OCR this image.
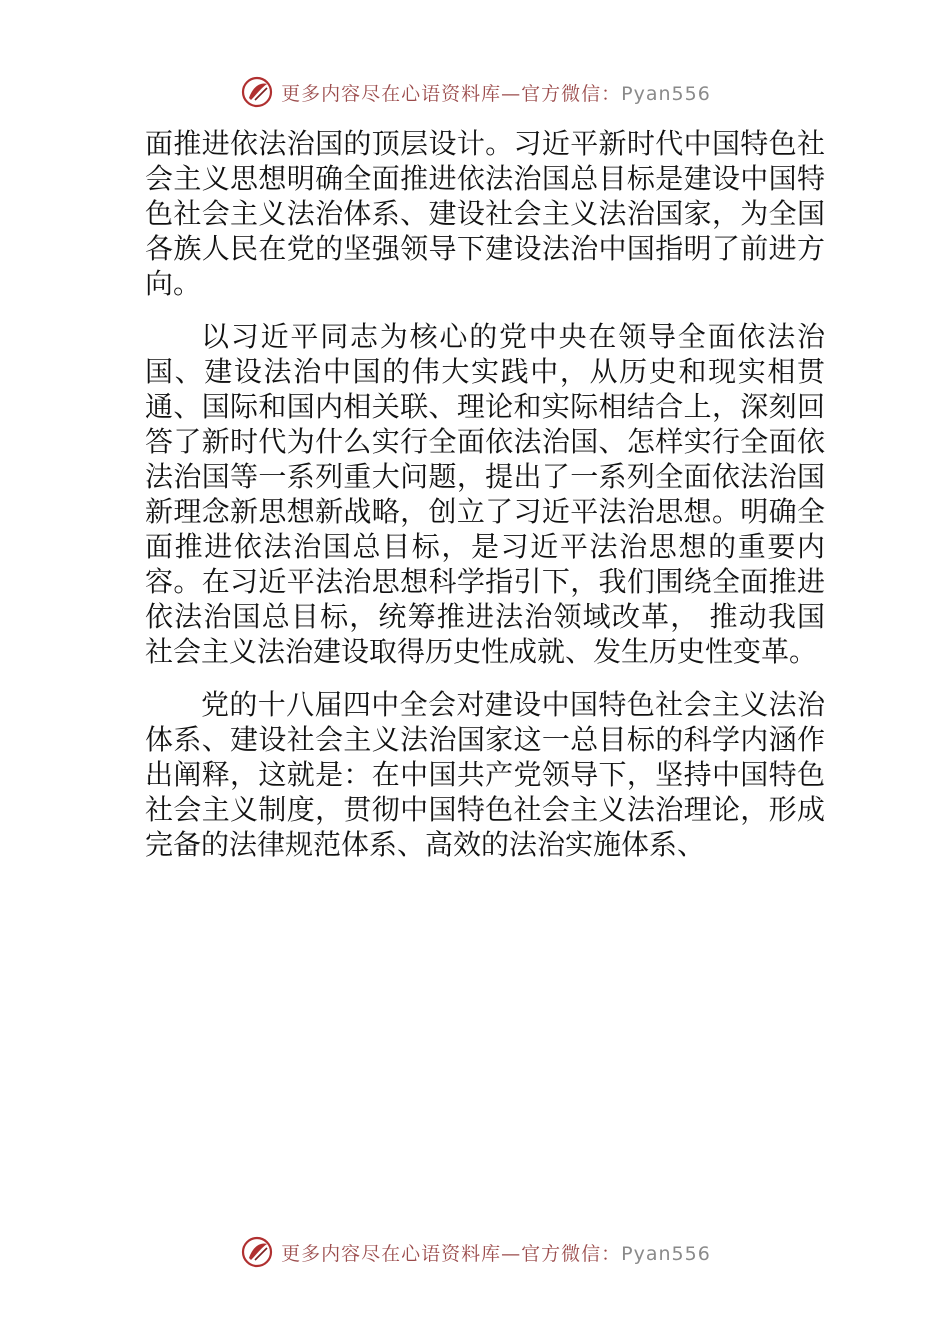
更多内容尽在心语资料库—官方微信：Pyan556

面推进依法治国的顶层设计。习近平新时代中国特色社会主义思想明确全面推进依法治国总目标是建设中国特色社会主义法治体系、建设社会主义法治国家，为全国各族人民在党的坚强领导下建设法治中国指明了前进方向。

以习近平同志为核心的党中央在领导全面依法治国、建设法治中国的伟大实践中，从历史和现实相贯通、国际和国内相关联、理论和实际相结合上，深刻回答了新时代为什么实行全面依法治国、怎样实行全面依法治国等一系列重大问题，提出了一系列全面依法治国新理念新思想新战略，创立了习近平法治思想。明确全面推进依法治国总目标，是习近平法治思想的重要内容。在习近平法治思想科学指引下，我们围绕全面推进依法治国总目标，统筹推进法治领域改革， 推动我国社会主义法治建设取得历史性成就、发生历史性变革。

党的十八届四中全会对建设中国特色社会主义法治体系、建设社会主义法治国家这一总目标的科学内涵作出阐释，这就是：在中国共产党领导下，坚持中国特色社会主义制度，贯彻中国特色社会主义法治理论，形成完备的法律规范体系、高效的法治实施体系、

更多内容尽在心语资料库—官方微信：Pyan556
